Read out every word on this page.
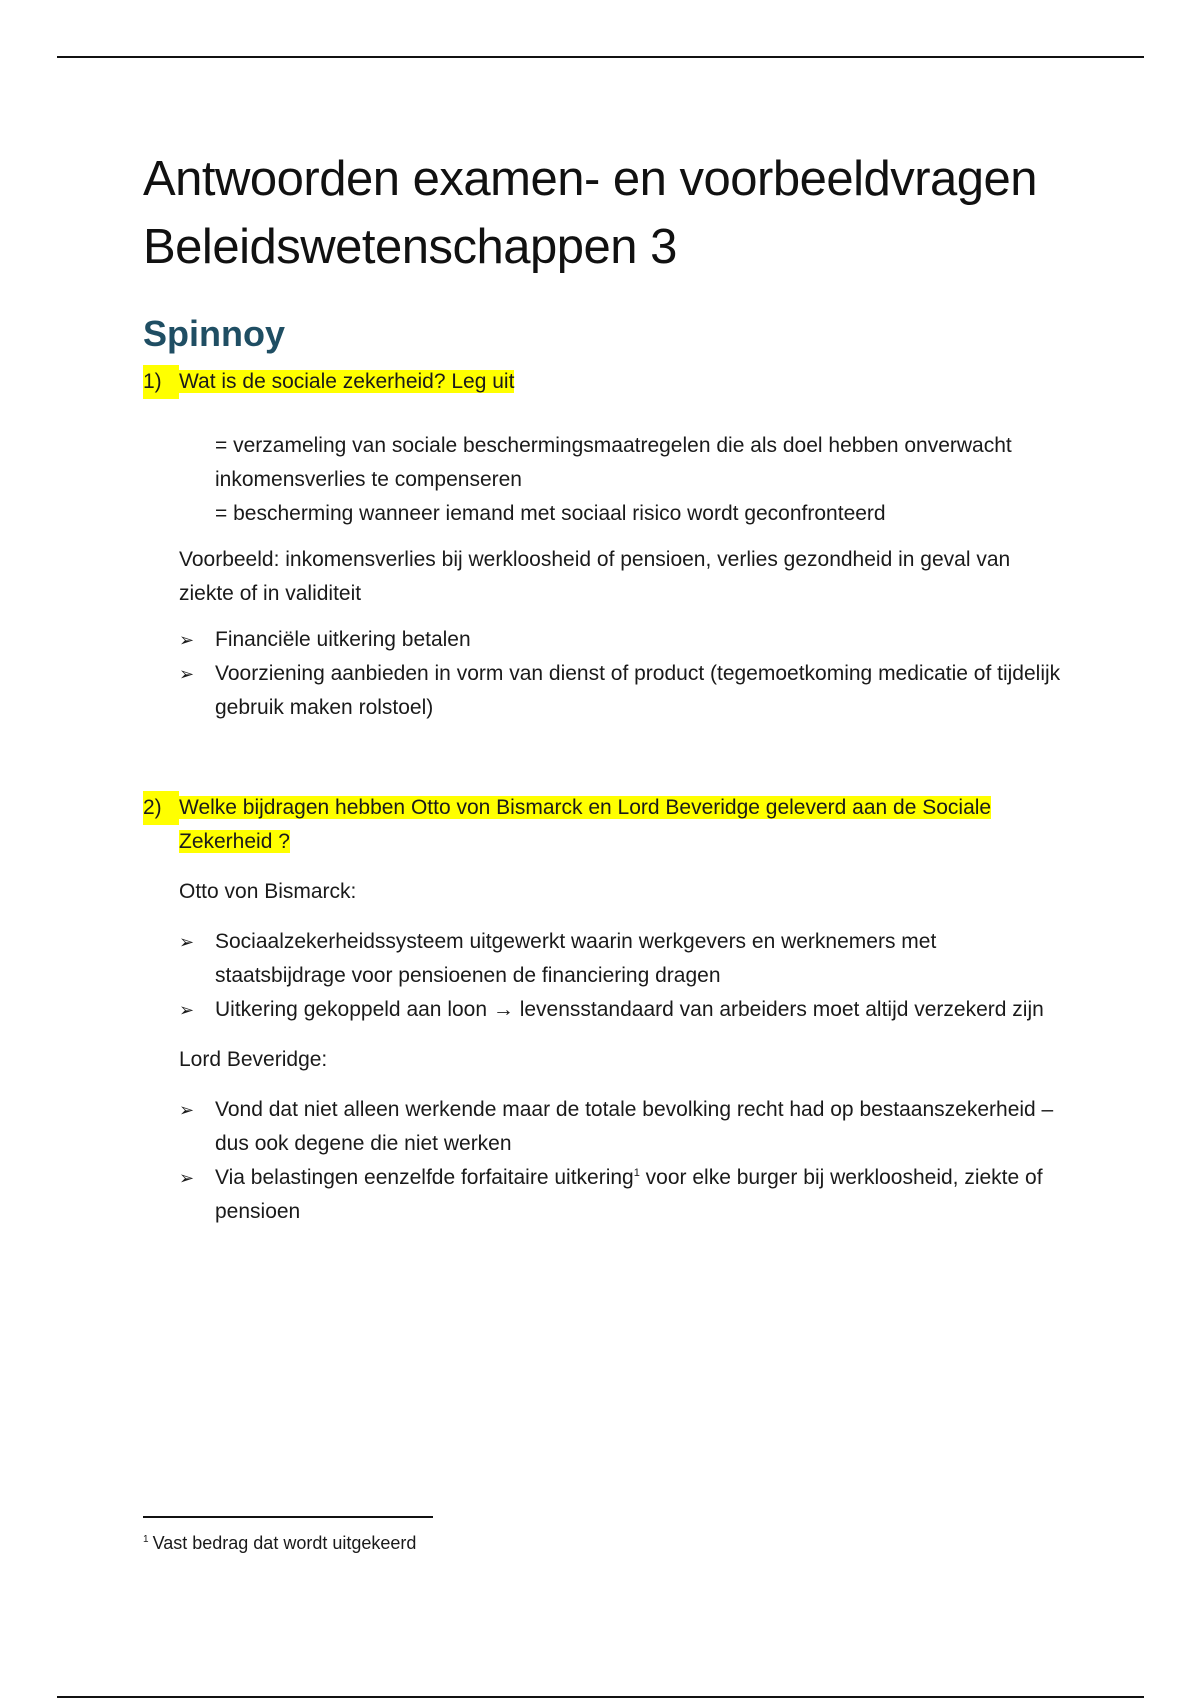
Antwoorden examen- en voorbeeldvragen
Beleidswetenschappen 3
Spinnoy

1) Wat is de sociale zekerheid? Leg uit

= verzameling van sociale beschermingsmaatregelen die als doel hebben onverwacht inkomensverlies te compenseren

= bescherming wanneer iemand met sociaal risico wordt geconfronteerd

Voorbeeld: inkomensverlies bij werkloosheid of pensioen, verlies gezondheid in geval van ziekte of in validiteit

➢ Financiële uitkering betalen
➢ Voorziening aanbieden in vorm van dienst of product (tegemoetkoming medicatie of tijdelijk gebruik maken rolstoel)

2) Welke bijdragen hebben Otto von Bismarck en Lord Beveridge geleverd aan de Sociale Zekerheid ?

Otto von Bismarck:

➢ Sociaalzekerheidssysteem uitgewerkt waarin werkgevers en werknemers met staatsbijdrage voor pensioenen de financiering dragen
➢ Uitkering gekoppeld aan loon → levensstandaard van arbeiders moet altijd verzekerd zijn

Lord Beveridge:

➢ Vond dat niet alleen werkende maar de totale bevolking recht had op bestaanszekerheid – dus ook degene die niet werken
➢ Via belastingen eenzelfde forfaitaire uitkering$^1$ voor elke burger bij werkloosheid, ziekte of pensioen
$^1$ Vast bedrag dat wordt uitgekeerd
